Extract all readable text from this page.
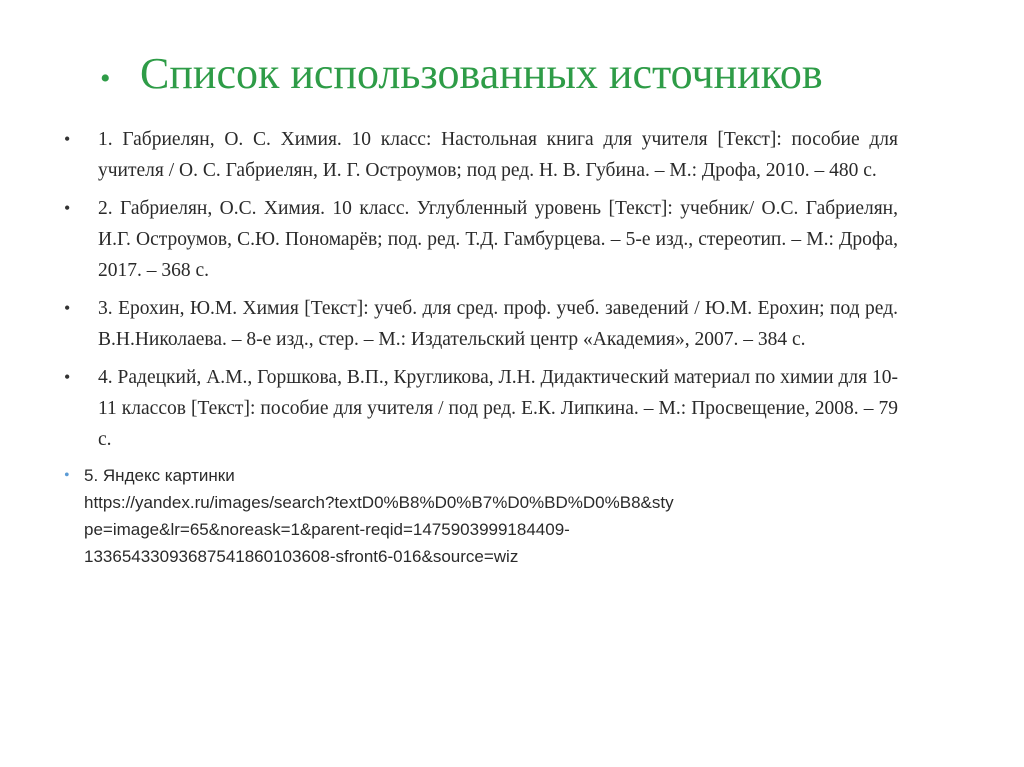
• Список использованных источников
•	1. Габриелян, О. С. Химия. 10 класс: Настольная книга для учителя [Текст]: пособие для учителя / О. С. Габриелян, И. Г. Остроумов; под ред. Н. В. Губина. – М.: Дрофа, 2010. – 480 с.
•	2. Габриелян, О.С. Химия. 10 класс. Углубленный уровень [Текст]: учебник/ О.С. Габриелян, И.Г. Остроумов, С.Ю. Пономарёв; под. ред. Т.Д. Гамбурцева. – 5-е изд., стереотип. – М.: Дрофа, 2017. – 368 с.
•	3. Ерохин, Ю.М. Химия [Текст]: учеб. для сред. проф. учеб. заведений / Ю.М. Ерохин; под ред. В.Н.Николаева. – 8-е изд., стер. – М.: Издательский центр «Академия», 2007. – 384 с.
•	4. Радецкий, А.М., Горшкова, В.П., Кругликова, Л.Н. Дидактический материал по химии для 10-11 классов [Текст]: пособие для учителя / под ред. Е.К. Липкина. – М.: Просвещение, 2008. – 79 с.
• 5. Яндекс картинки
https://yandex.ru/images/search?textD0%B8%D0%B7%D0%BD%D0%B8&sty
pe=image&lr=65&noreask=1&parent-reqid=1475903999184409-
13365433093687541860103608-sfront6-016&source=wiz
